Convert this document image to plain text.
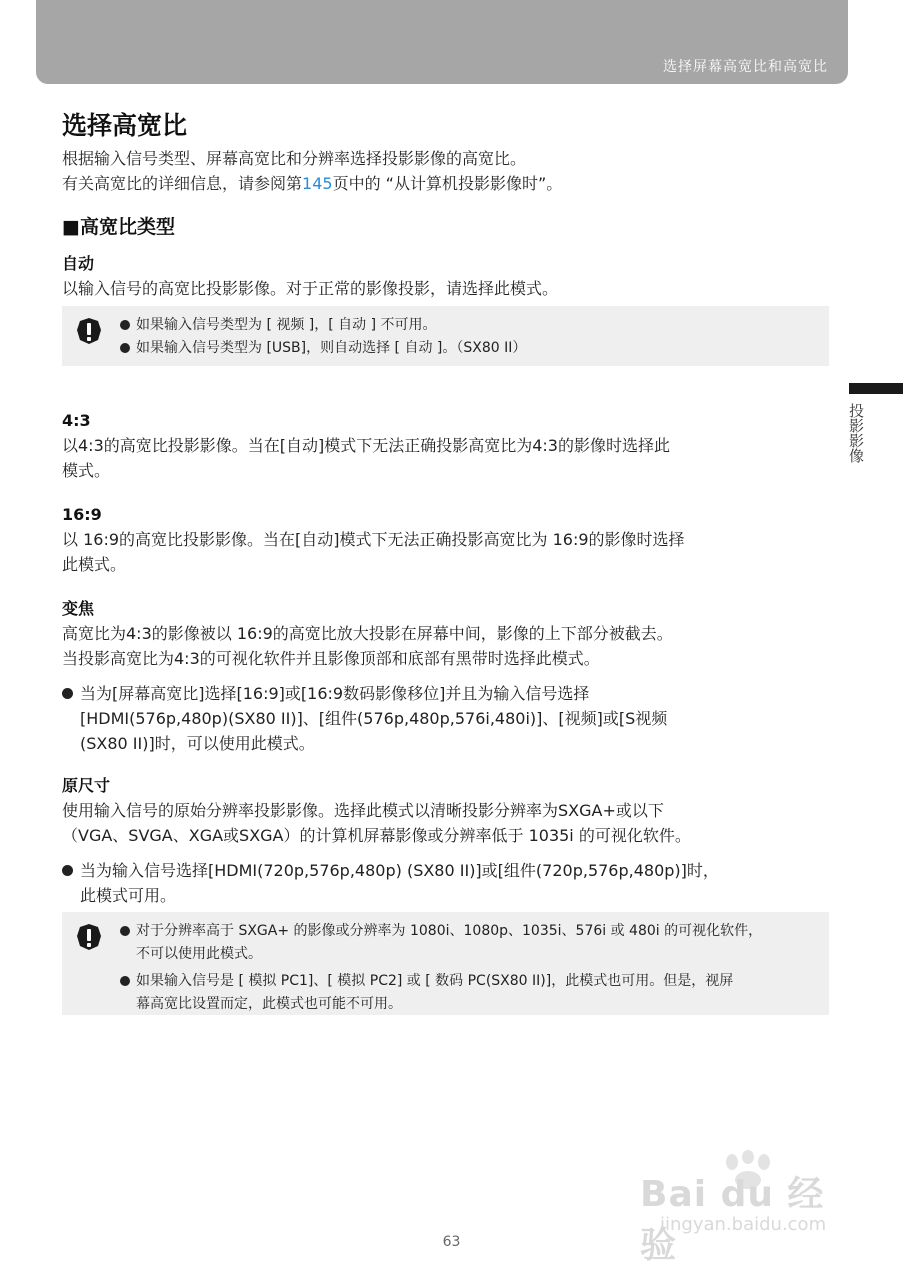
选择屏幕高宽比和高宽比
投影影像
选择高宽比
根据输入信号类型、屏幕高宽比和分辨率选择投影影像的高宽比。
有关高宽比的详细信息，请参阅第145页中的 “从计算机投影影像时”。
■高宽比类型
自动
以输入信号的高宽比投影影像。对于正常的影像投影，请选择此模式。
4:3
以4:3的高宽比投影影像。当在[自动]模式下无法正确投影高宽比为4:3的影像时选择此
模式。
16:9
以 16:9的高宽比投影影像。当在[自动]模式下无法正确投影高宽比为 16:9的影像时选择
此模式。
变焦
高宽比为4:3的影像被以 16:9的高宽比放大投影在屏幕中间，影像的上下部分被截去。
当投影高宽比为4:3的可视化软件并且影像顶部和底部有黑带时选择此模式。
当为[屏幕高宽比]选择[16:9]或[16:9数码影像移位]并且为输入信号选择
[HDMI(576p,480p)(SX80 II)]、[组件(576p,480p,576i,480i)]、[视频]或[S视频
(SX80 II)]时，可以使用此模式。
原尺寸
使用输入信号的原始分辨率投影影像。选择此模式以清晰投影分辨率为SXGA+或以下
（VGA、SVGA、XGA或SXGA）的计算机屏幕影像或分辨率低于 1035i 的可视化软件。
当为输入信号选择[HDMI(720p,576p,480p) (SX80 II)]或[组件(720p,576p,480p)]时，
此模式可用。
如果输入信号类型为 [ 视频 ]，[ 自动 ] 不可用。
如果输入信号类型为 [USB]，则自动选择 [ 自动 ]。（SX80 II）
对于分辨率高于 SXGA+ 的影像或分辨率为 1080i、1080p、1035i、576i 或 480i 的可视化软件，
不可以使用此模式。
如果输入信号是 [ 模拟 PC1]、[ 模拟 PC2] 或 [ 数码 PC(SX80 II)]，此模式也可用。但是，视屏
幕高宽比设置而定，此模式也可能不可用。
Bai du 经验
jingyan.baidu.com
63
